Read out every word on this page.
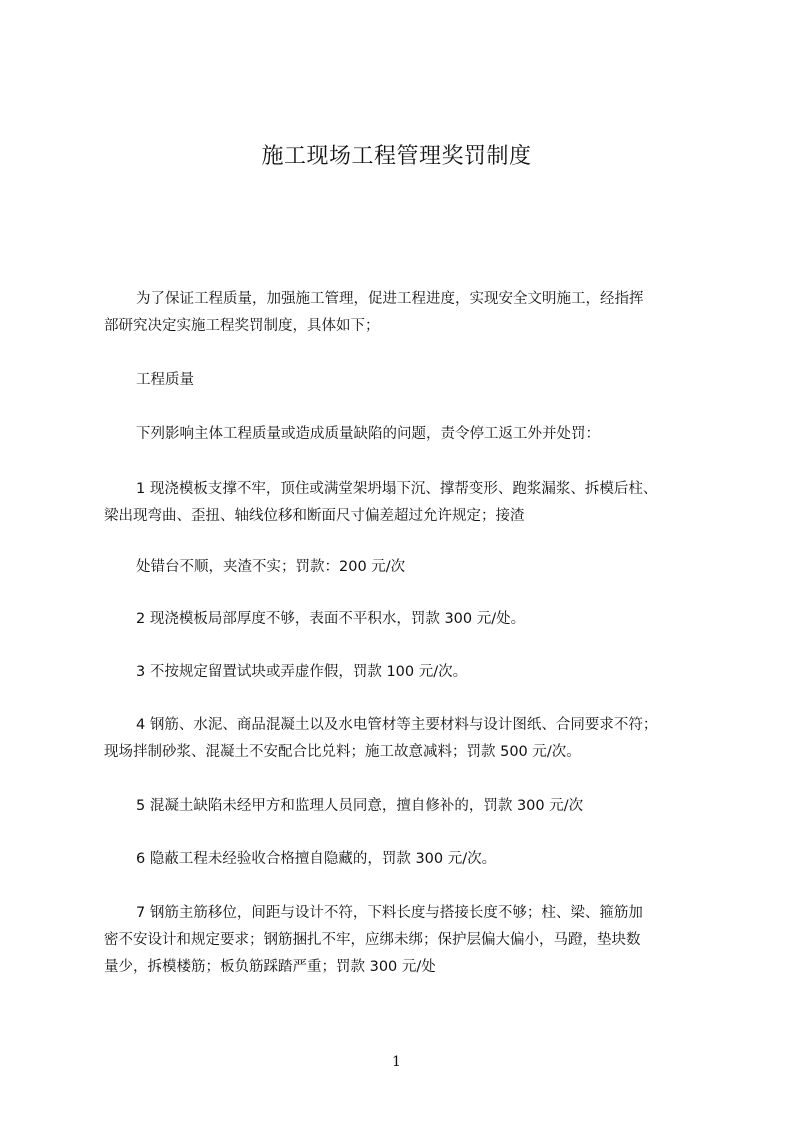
施工现场工程管理奖罚制度
为了保证工程质量，加强施工管理，促进工程进度，实现安全文明施工，经指挥
部研究决定实施工程奖罚制度，具体如下；
工程质量
下列影响主体工程质量或造成质量缺陷的问题，责令停工返工外并处罚：
1 现浇模板支撑不牢，顶住或满堂架坍塌下沉、撑帮变形、跑浆漏浆、拆模后柱、
梁出现弯曲、歪扭、轴线位移和断面尺寸偏差超过允许规定；接渣
处错台不顺，夹渣不实；罚款：200 元/次
2 现浇模板局部厚度不够，表面不平积水，罚款 300 元/处。
3 不按规定留置试块或弄虚作假，罚款 100 元/次。
4 钢筋、水泥、商品混凝土以及水电管材等主要材料与设计图纸、合同要求不符；
现场拌制砂浆、混凝土不安配合比兑料；施工故意减料；罚款 500 元/次。
5 混凝土缺陷未经甲方和监理人员同意，擅自修补的，罚款 300 元/次
6 隐蔽工程未经验收合格擅自隐藏的，罚款 300 元/次。
7 钢筋主筋移位，间距与设计不符，下料长度与搭接长度不够；柱、梁、箍筋加
密不安设计和规定要求；钢筋捆扎不牢，应绑未绑；保护层偏大偏小，马蹬，垫块数
量少，拆模楼筋；板负筋踩踏严重；罚款 300 元/处
1
